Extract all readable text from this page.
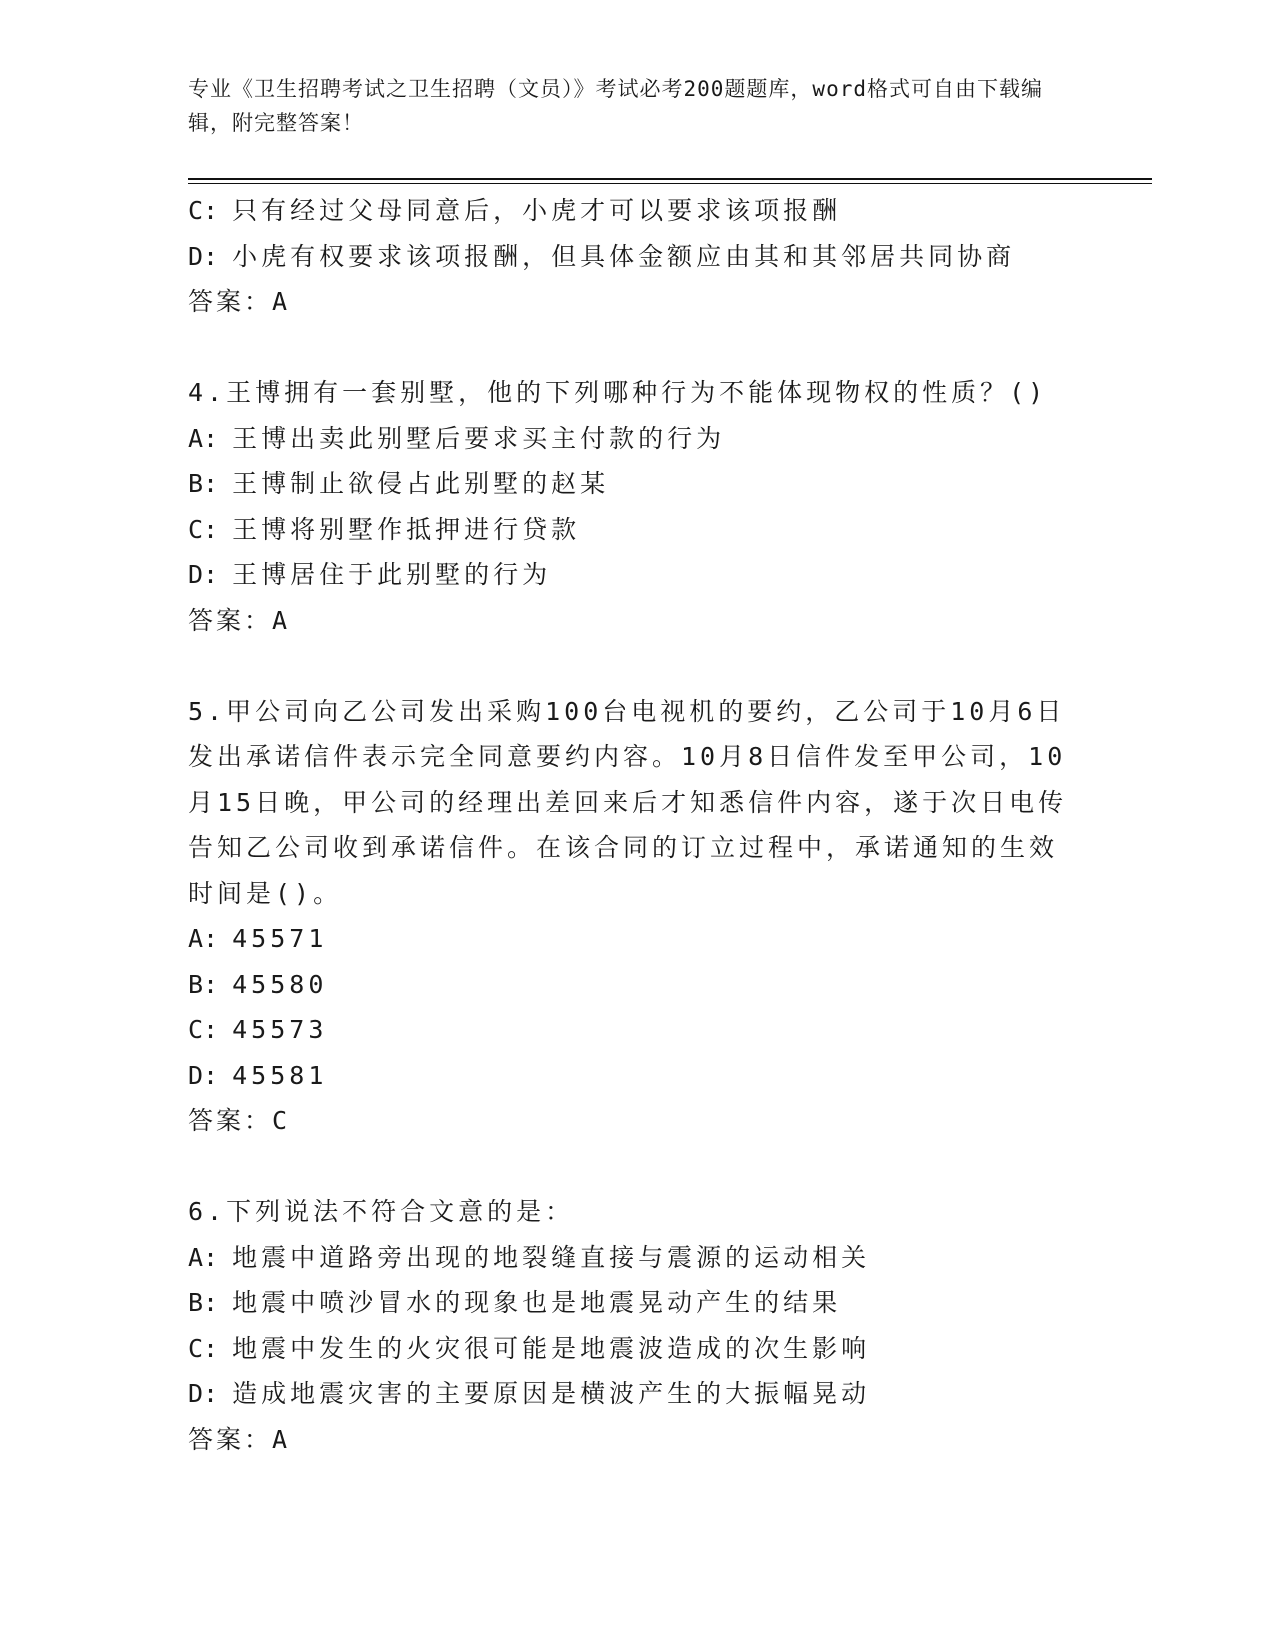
专业《卫生招聘考试之卫生招聘（文员）》考试必考200题题库，word格式可自由下载编辑，附完整答案！
C: 只有经过父母同意后，小虎才可以要求该项报酬
D: 小虎有权要求该项报酬，但具体金额应由其和其邻居共同协商
答案：A
4.王博拥有一套别墅，他的下列哪种行为不能体现物权的性质？()
A: 王博出卖此别墅后要求买主付款的行为
B: 王博制止欲侵占此别墅的赵某
C: 王博将别墅作抵押进行贷款
D: 王博居住于此别墅的行为
答案：A
5.甲公司向乙公司发出采购100台电视机的要约，乙公司于10月6日
发出承诺信件表示完全同意要约内容。10月8日信件发至甲公司，10
月15日晚，甲公司的经理出差回来后才知悉信件内容，遂于次日电传
告知乙公司收到承诺信件。在该合同的订立过程中，承诺通知的生效
时间是()。
A: 45571
B: 45580
C: 45573
D: 45581
答案：C
6.下列说法不符合文意的是：
A: 地震中道路旁出现的地裂缝直接与震源的运动相关
B: 地震中喷沙冒水的现象也是地震晃动产生的结果
C: 地震中发生的火灾很可能是地震波造成的次生影响
D: 造成地震灾害的主要原因是横波产生的大振幅晃动
答案：A
